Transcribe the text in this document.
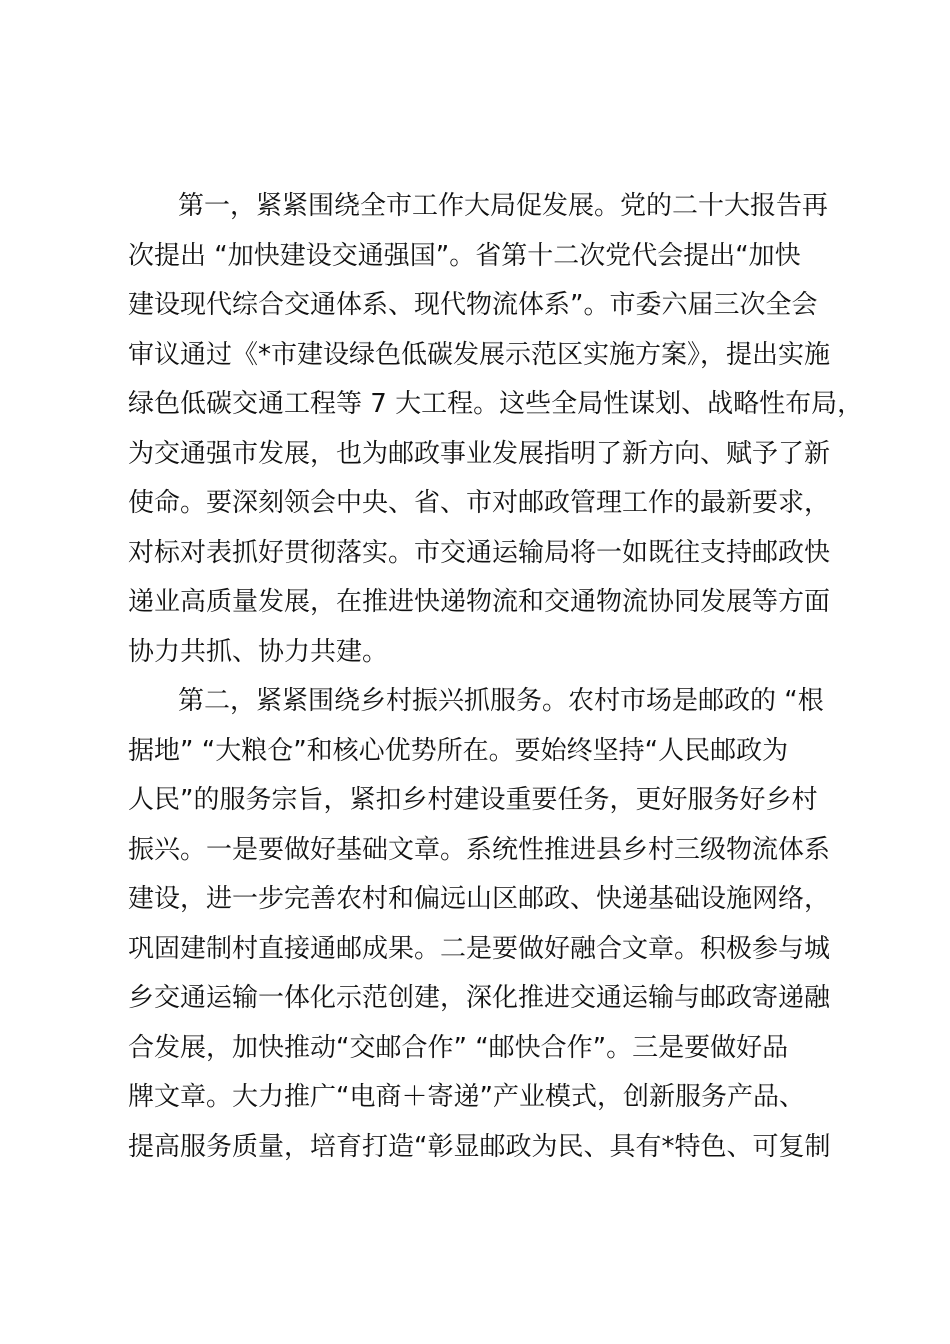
第一，紧紧围绕全市工作大局促发展。党的二十大报告再
次提出 “加快建设交通强国”。省第十二次党代会提出“加快
建设现代综合交通体系、现代物流体系”。市委六届三次全会
审议通过《*市建设绿色低碳发展示范区实施方案》，提出实施
绿色低碳交通工程等 7 大工程。这些全局性谋划、战略性布局，
为交通强市发展，也为邮政事业发展指明了新方向、赋予了新
使命。要深刻领会中央、省、市对邮政管理工作的最新要求，
对标对表抓好贯彻落实。市交通运输局将一如既往支持邮政快
递业高质量发展，在推进快递物流和交通物流协同发展等方面
协力共抓、协力共建。
第二，紧紧围绕乡村振兴抓服务。农村市场是邮政的 “根
据地” “大粮仓”和核心优势所在。要始终坚持“人民邮政为
人民”的服务宗旨，紧扣乡村建设重要任务，更好服务好乡村
振兴。一是要做好基础文章。系统性推进县乡村三级物流体系
建设，进一步完善农村和偏远山区邮政、快递基础设施网络，
巩固建制村直接通邮成果。二是要做好融合文章。积极参与城
乡交通运输一体化示范创建，深化推进交通运输与邮政寄递融
合发展，加快推动“交邮合作” “邮快合作”。三是要做好品
牌文章。大力推广“电商＋寄递”产业模式，创新服务产品、
提高服务质量，培育打造“彰显邮政为民、具有*特色、可复制
